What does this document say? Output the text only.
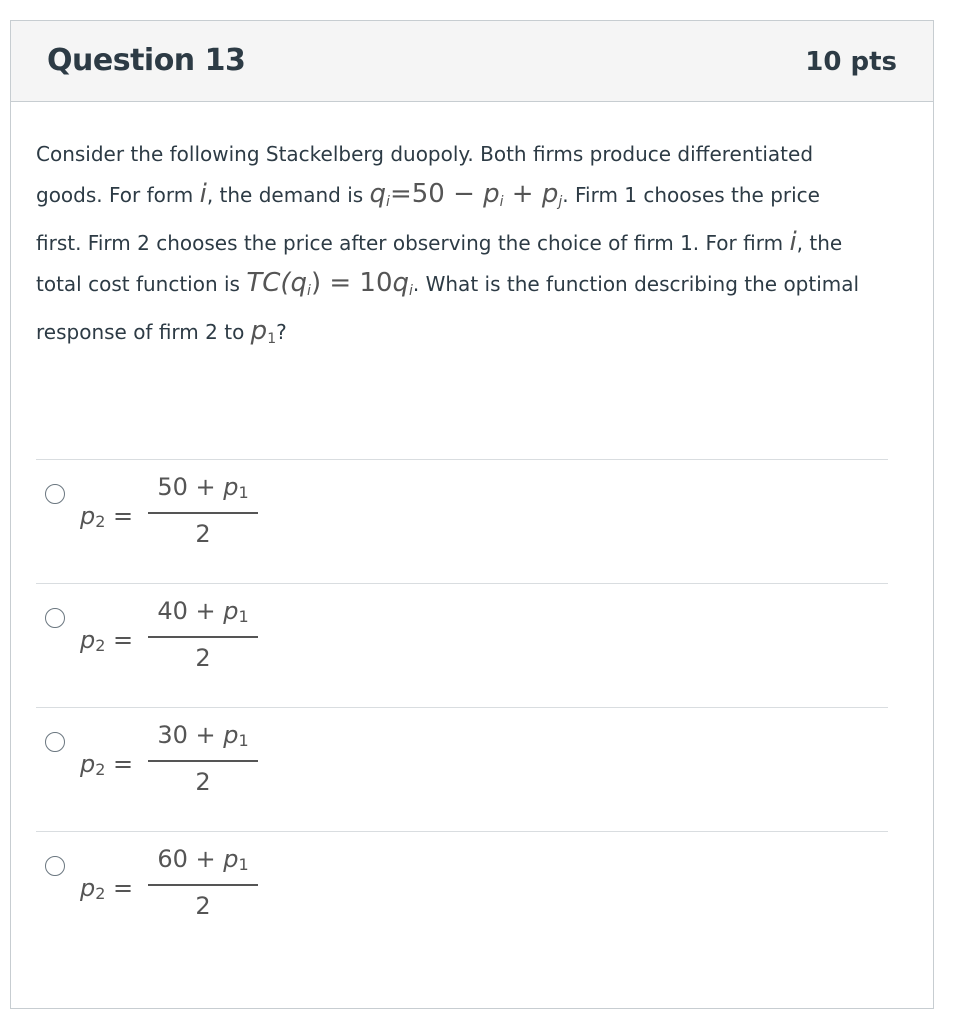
Question 13	10 pts
Consider the following Stackelberg duopoly. Both firms produce differentiated
goods. For form i, the demand is $q_i=50 - p_i + p_j$. Firm 1 chooses the price
first. Firm 2 chooses the price after observing the choice of firm 1. For firm i, the
total cost function is $TC(q_i) = 10q_i$. What is the function describing the optimal
response of firm 2 to $p_1$?
p2 =
50 + p1
2
p2 =
40 + p1
2
p2 =
30 + p1
2
p2 =
60 + p1
2
